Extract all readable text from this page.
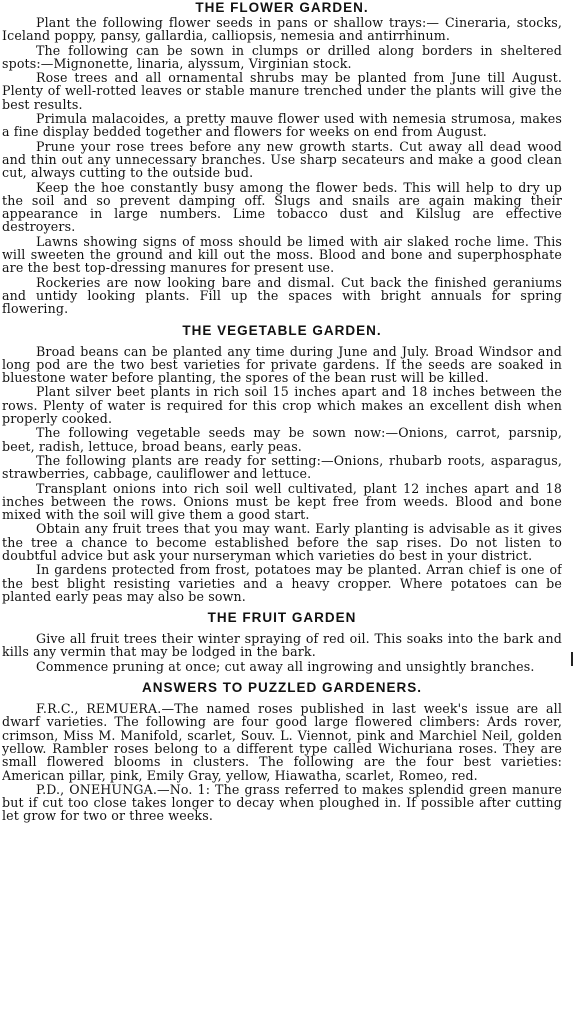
THE FLOWER GARDEN.

Plant the following flower seeds in pans or shallow trays:— Cineraria, stocks, Iceland poppy, pansy, gallardia, calliopsis, nemesia and antirrhinum.

The following can be sown in clumps or drilled along borders in sheltered spots:—Mignonette, linaria, alyssum, Virginian stock.

Rose trees and all ornamental shrubs may be planted from June till August. Plenty of well-rotted leaves or stable manure trenched under the plants will give the best results.

Primula malacoides, a pretty mauve flower used with nemesia strumosa, makes a fine display bedded together and flowers for weeks on end from August.

Prune your rose trees before any new growth starts. Cut away all dead wood and thin out any unnecessary branches. Use sharp secateurs and make a good clean cut, always cutting to the outside bud.

Keep the hoe constantly busy among the flower beds. This will help to dry up the soil and so prevent damping off. Slugs and snails are again making their appearance in large numbers. Lime tobacco dust and Kilslug are effective destroyers.

Lawns showing signs of moss should be limed with air slaked roche lime. This will sweeten the ground and kill out the moss. Blood and bone and superphosphate are the best top-dressing manures for present use.

Rockeries are now looking bare and dismal. Cut back the finished geraniums and untidy looking plants. Fill up the spaces with bright annuals for spring flowering.

THE VEGETABLE GARDEN.

Broad beans can be planted any time during June and July. Broad Windsor and long pod are the two best varieties for private gardens. If the seeds are soaked in bluestone water before planting, the spores of the bean rust will be killed.

Plant silver beet plants in rich soil 15 inches apart and 18 inches between the rows. Plenty of water is required for this crop which makes an excellent dish when properly cooked.

The following vegetable seeds may be sown now:—Onions, carrot, parsnip, beet, radish, lettuce, broad beans, early peas.

The following plants are ready for setting:—Onions, rhubarb roots, asparagus, strawberries, cabbage, cauliflower and lettuce.

Transplant onions into rich soil well cultivated, plant 12 inches apart and 18 inches between the rows. Onions must be kept free from weeds. Blood and bone mixed with the soil will give them a good start.

Obtain any fruit trees that you may want. Early planting is advisable as it gives the tree a chance to become established before the sap rises. Do not listen to doubtful advice but ask your nurseryman which varieties do best in your district.

In gardens protected from frost, potatoes may be planted. Arran chief is one of the best blight resisting varieties and a heavy cropper. Where potatoes can be planted early peas may also be sown.

THE FRUIT GARDEN

Give all fruit trees their winter spraying of red oil. This soaks into the bark and kills any vermin that may be lodged in the bark.

Commence pruning at once; cut away all ingrowing and unsightly branches.

ANSWERS TO PUZZLED GARDENERS.

F.R.C., REMUERA.—The named roses published in last week's issue are all dwarf varieties. The following are four good large flowered climbers: Ards rover, crimson, Miss M. Manifold, scarlet, Souv. L. Viennot, pink and Marchiel Neil, golden yellow. Rambler roses belong to a different type called Wichuriana roses. They are small flowered blooms in clusters. The following are the four best varieties: American pillar, pink, Emily Gray, yellow, Hiawatha, scarlet, Romeo, red.

P.D., ONEHUNGA.—No. 1: The grass referred to makes splendid green manure but if cut too close takes longer to decay when ploughed in. If possible after cutting let grow for two or three weeks.
